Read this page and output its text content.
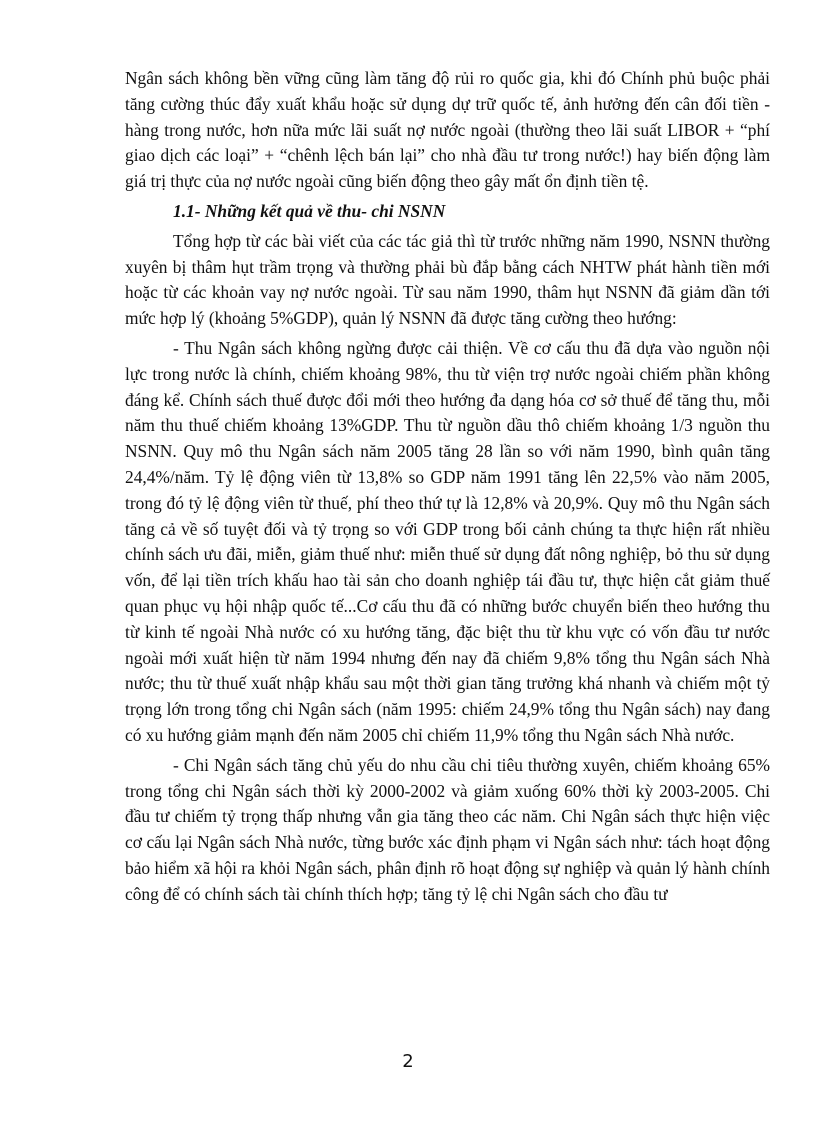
Ngân sách không bền vững cũng làm tăng độ rủi ro quốc gia, khi đó Chính phủ buộc phải tăng cường thúc đẩy xuất khẩu hoặc sử dụng dự trữ quốc tế, ảnh hưởng đến cân đối tiền - hàng trong nước, hơn nữa mức lãi suất nợ nước ngoài (thường theo lãi suất LIBOR + “phí giao dịch các loại” + “chênh lệch bán lại” cho nhà đầu tư trong nước!) hay biến động làm giá trị thực của nợ nước ngoài cũng biến động theo gây mất ổn định tiền tệ.

1.1- Những kết quả về thu- chi NSNN

Tổng hợp từ các bài viết của các tác giả thì từ trước những năm 1990, NSNN thường xuyên bị thâm hụt trầm trọng và thường phải bù đắp bằng cách NHTW phát hành tiền mới hoặc từ các khoản vay nợ nước ngoài. Từ sau năm 1990, thâm hụt NSNN đã giảm dần tới mức hợp lý (khoảng 5%GDP), quản lý NSNN đã được tăng cường theo hướng:

- Thu Ngân sách không ngừng được cải thiện. Về cơ cấu thu đã dựa vào nguồn nội lực trong nước là chính, chiếm khoảng 98%, thu từ viện trợ nước ngoài chiếm phần không đáng kể. Chính sách thuế được đổi mới theo hướng đa dạng hóa cơ sở thuế để tăng thu, mỗi năm thu thuế chiếm khoảng 13%GDP. Thu từ nguồn dầu thô chiếm khoảng 1/3 nguồn thu NSNN. Quy mô thu Ngân sách năm 2005 tăng 28 lần so với năm 1990, bình quân tăng 24,4%/năm. Tỷ lệ động viên từ 13,8% so GDP năm 1991 tăng lên 22,5% vào năm 2005, trong đó tỷ lệ động viên từ thuế, phí theo thứ tự là 12,8% và 20,9%. Quy mô thu Ngân sách tăng cả về số tuyệt đối và tỷ trọng so với GDP trong bối cảnh chúng ta thực hiện rất nhiều chính sách ưu đãi, miễn, giảm thuế như: miễn thuế sử dụng đất nông nghiệp, bỏ thu sử dụng vốn, để lại tiền trích khấu hao tài sản cho doanh nghiệp tái đầu tư, thực hiện cắt giảm thuế quan phục vụ hội nhập quốc tế...Cơ cấu thu đã có những bước chuyển biến theo hướng thu từ kinh tế ngoài Nhà nước có xu hướng tăng, đặc biệt thu từ khu vực có vốn đầu tư nước ngoài mới xuất hiện từ năm 1994 nhưng đến nay đã chiếm 9,8% tổng thu Ngân sách Nhà nước; thu từ thuế xuất nhập khẩu sau một thời gian tăng trưởng khá nhanh và chiếm một tỷ trọng lớn trong tổng chi Ngân sách (năm 1995: chiếm 24,9% tổng thu Ngân sách) nay đang có xu hướng giảm mạnh đến năm 2005 chỉ chiếm 11,9% tổng thu Ngân sách Nhà nước.

- Chi Ngân sách tăng chủ yếu do nhu cầu chi tiêu thường xuyên, chiếm khoảng 65% trong tổng chi Ngân sách thời kỳ 2000-2002 và giảm xuống 60% thời kỳ 2003-2005. Chi đầu tư chiếm tỷ trọng thấp nhưng vẫn gia tăng theo các năm. Chi Ngân sách thực hiện việc cơ cấu lại Ngân sách Nhà nước, từng bước xác định phạm vi Ngân sách như: tách hoạt động bảo hiểm xã hội ra khỏi Ngân sách, phân định rõ hoạt động sự nghiệp và quản lý hành chính công để có chính sách tài chính thích hợp; tăng tỷ lệ chi Ngân sách cho đầu tư

2
